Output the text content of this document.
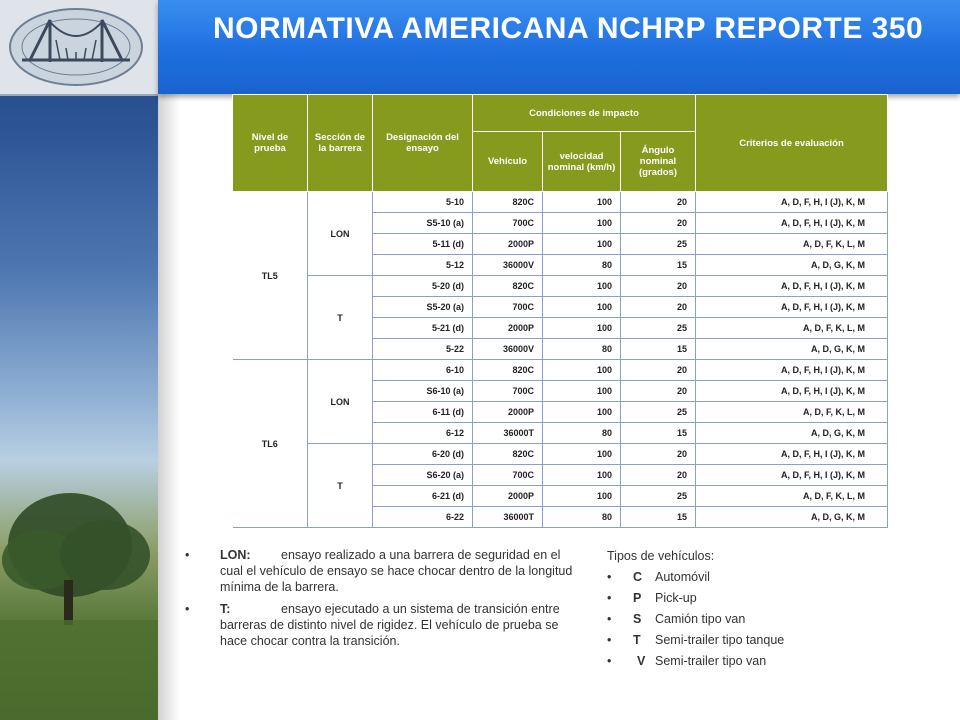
NORMATIVA AMERICANA NCHRP REPORTE 350
Nivel de prueba	Sección de la barrera	Designación del ensayo	Condiciones de impacto			Criterios de evaluación
			Vehículo	velocidad nominal (km/h)	Ángulo nominal (grados)	
TL5	LON	5-10	820C	100	20	A, D, F, H, I (J), K, M
		S5-10 (a)	700C	100	20	A, D, F, H, I (J), K, M
		5-11 (d)	2000P	100	25	A, D, F, K, L, M
		5-12	36000V	80	15	A, D, G, K, M
	T	5-20 (d)	820C	100	20	A, D, F, H, I (J), K, M
		S5-20 (a)	700C	100	20	A, D, F, H, I (J), K, M
		5-21 (d)	2000P	100	25	A, D, F, K, L, M
		5-22	36000V	80	15	A, D, G, K, M
TL6	LON	6-10	820C	100	20	A, D, F, H, I (J), K, M
		S6-10 (a)	700C	100	20	A, D, F, H, I (J), K, M
		6-11 (d)	2000P	100	25	A, D, F, K, L, M
		6-12	36000T	80	15	A, D, G, K, M
	T	6-20 (d)	820C	100	20	A, D, F, H, I (J), K, M
		S6-20 (a)	700C	100	20	A, D, F, H, I (J), K, M
		6-21 (d)	2000P	100	25	A, D, F, K, L, M
		6-22	36000T	80	15	A, D, G, K, M
• LON: ensayo realizado a una barrera de seguridad en el cual el vehículo de ensayo se hace chocar dentro de la longitud mínima de la barrera.
• T:	ensayo ejecutado a un sistema de transición entre barreras de distinto nivel de rigidez. El vehículo de prueba se hace chocar contra la transición.
Tipos de vehículos:
• C Automóvil
• P Pick-up
• S Camión tipo van
• T Semi-trailer tipo tanque
• V Semi-trailer tipo van
